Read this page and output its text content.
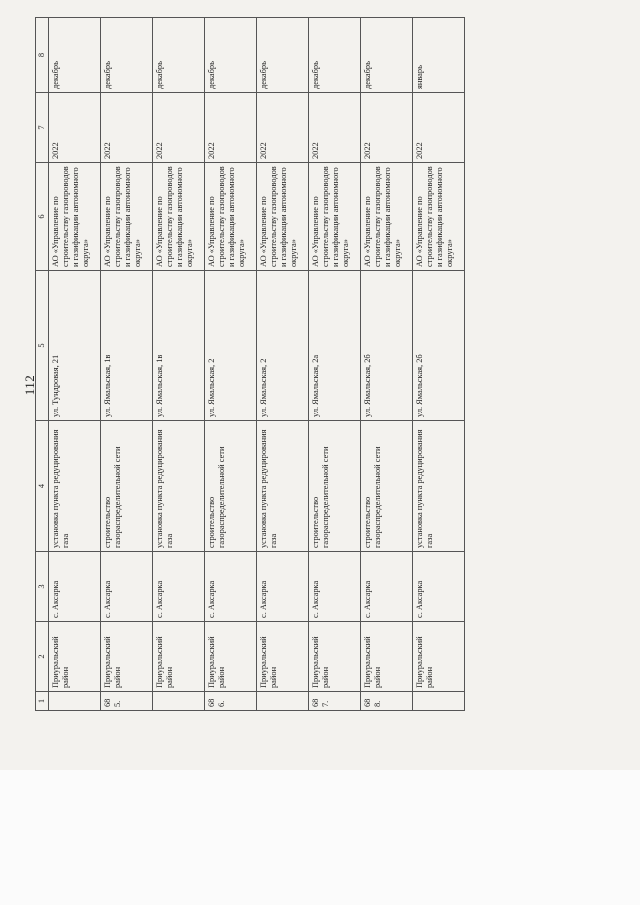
112
1	2	3	4	5	6	7	8
	Приуральский район	с. Аксарка	установка пункта редуцирования газа	ул. Тундровая, 21	АО «Управление по строительству газопроводов и газификации автономного округа»	2022	декабрь
685.	Приуральский район	с. Аксарка	строительство газораспределительной сети	ул. Ямальская, 1в	АО «Управление по строительству газопроводов и газификации автономного округа»	2022	декабрь
	Приуральский район	с. Аксарка	установка пункта редуцирования газа	ул. Ямальская, 1в	АО «Управление по строительству газопроводов и газификации автономного округа»	2022	декабрь
686.	Приуральский район	с. Аксарка	строительство газораспределительной сети	ул. Ямальская, 2	АО «Управление по строительству газопроводов и газификации автономного округа»	2022	декабрь
	Приуральский район	с. Аксарка	установка пункта редуцирования газа	ул. Ямальская, 2	АО «Управление по строительству газопроводов и газификации автономного округа»	2022	декабрь
687.	Приуральский район	с. Аксарка	строительство газораспределительной сети	ул. Ямальская, 2а	АО «Управление по строительству газопроводов и газификации автономного округа»	2022	декабрь
688.	Приуральский район	с. Аксарка	строительство газораспределительной сети	ул. Ямальская, 2б	АО «Управление по строительству газопроводов и газификации автономного округа»	2022	декабрь
	Приуральский район	с. Аксарка	установка пункта редуцирования газа	ул. Ямальская, 2б	АО «Управление по строительству газопроводов и газификации автономного округа»	2022	январь
